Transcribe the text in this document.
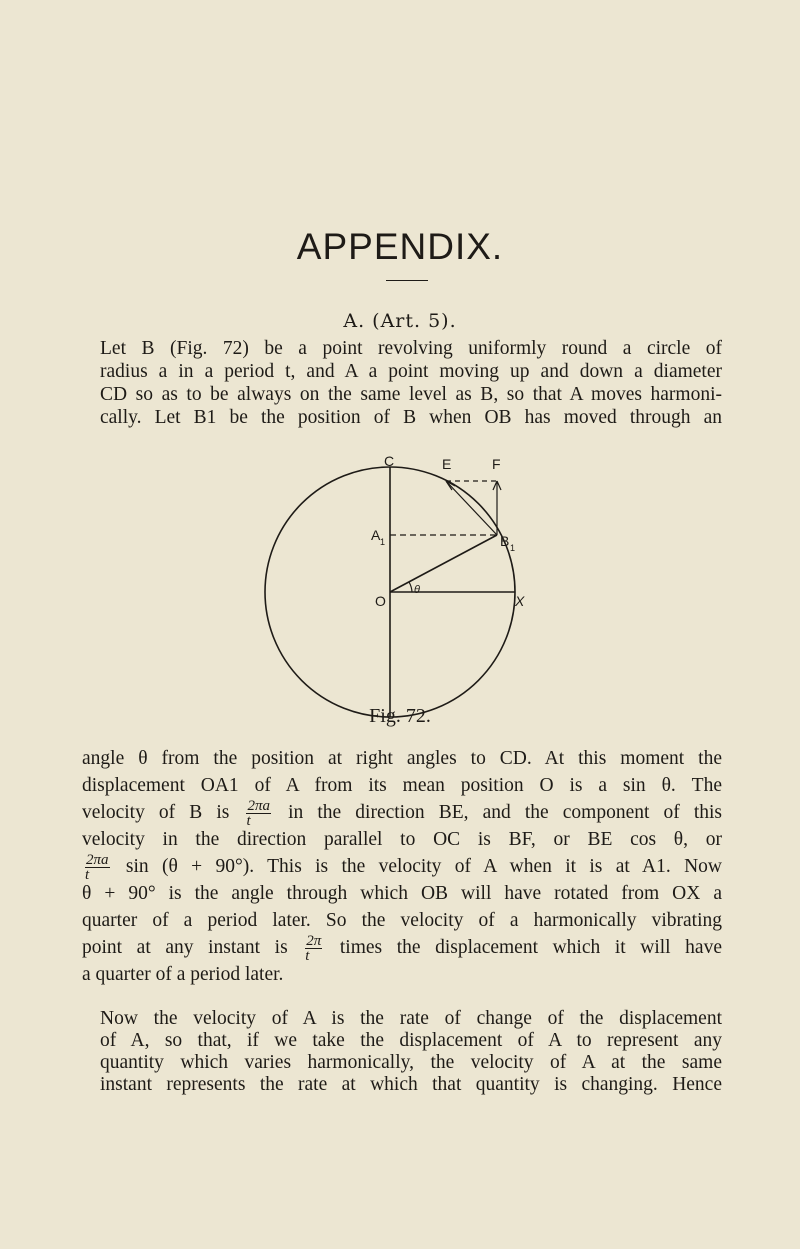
APPENDIX.
A. (Art. 5).
Let B (Fig. 72) be a point revolving uniformly round a circle of
radius a in a period t, and A a point moving up and down a diameter
CD so as to be always on the same level as B, so that A moves harmoni-
cally. Let B1 be the position of B when OB has moved through an
C	E	F
A 1	B 1
O	X
θ
Fig. 72.
angle θ from the position at right angles to CD. At this moment the
displacement OA1 of A from its mean position O is a sin θ. The
velocity of B is $\frac{2\pi a}{t}$ in the direction BE, and the component of this
velocity in the direction parallel to OC is BF, or BE cos θ, or
$\frac{2\pi a}{t}$ sin (θ + 90°). This is the velocity of A when it is at A1. Now
θ + 90° is the angle through which OB will have rotated from OX a
quarter of a period later. So the velocity of a harmonically vibrating
point at any instant is $\frac{2\pi}{t}$ times the displacement which it will have
a quarter of a period later.
Now the velocity of A is the rate of change of the displacement
of A, so that, if we take the displacement of A to represent any
quantity which varies harmonically, the velocity of A at the same
instant represents the rate at which that quantity is changing. Hence
